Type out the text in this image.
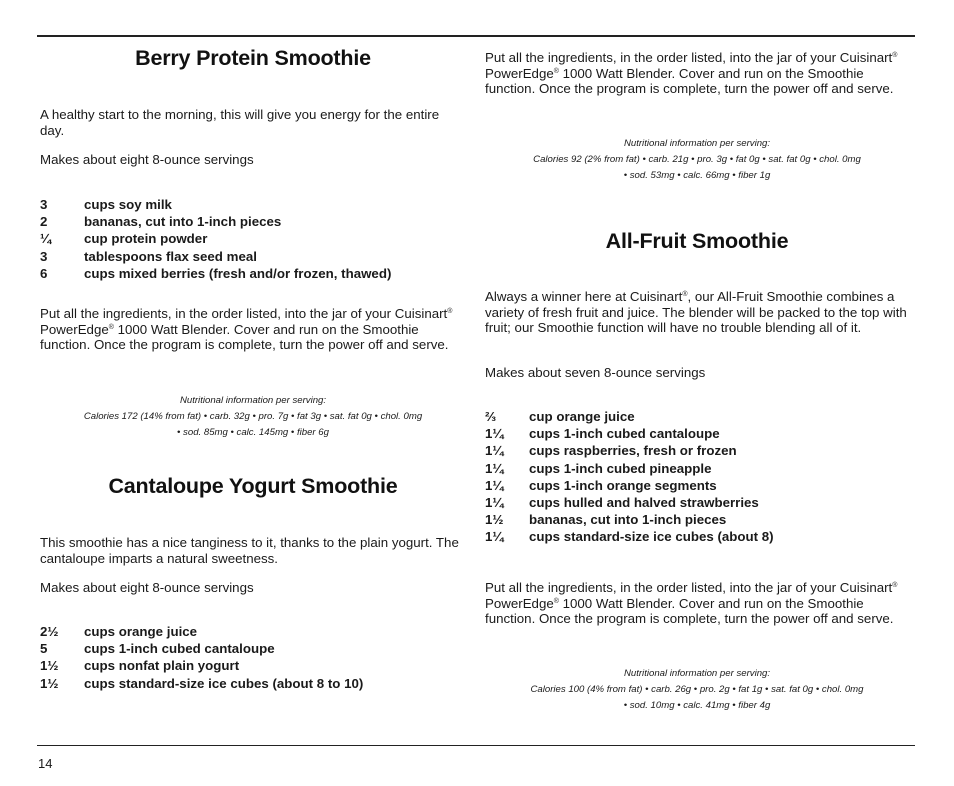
Berry Protein Smoothie

A healthy start to the morning, this will give you energy for the entire day.

Makes about eight 8-ounce servings

3	cups soy milk
2	bananas, cut into 1-inch pieces
¼	cup protein powder
3	tablespoons flax seed meal
6	cups mixed berries (fresh and/or frozen, thawed)

Put all the ingredients, in the order listed, into the jar of your Cuisinart® PowerEdge® 1000 Watt Blender. Cover and run on the Smoothie function. Once the program is complete, turn the power off and serve.

Nutritional information per serving:
Calories 172 (14% from fat) • carb. 32g • pro. 7g • fat 3g • sat. fat 0g • chol. 0mg
• sod. 85mg • calc. 145mg • fiber 6g
Cantaloupe Yogurt Smoothie

This smoothie has a nice tanginess to it, thanks to the plain yogurt. The cantaloupe imparts a natural sweetness.

Makes about eight 8-ounce servings

2½	cups orange juice
5	cups 1-inch cubed cantaloupe
1½	cups nonfat plain yogurt
1½	cups standard-size ice cubes (about 8 to 10)

Put all the ingredients, in the order listed, into the jar of your Cuisinart® PowerEdge® 1000 Watt Blender. Cover and run on the Smoothie function. Once the program is complete, turn the power off and serve.

Nutritional information per serving:
Calories 92 (2% from fat) • carb. 21g • pro. 3g • fat 0g • sat. fat 0g • chol. 0mg
• sod. 53mg • calc. 66mg • fiber 1g
All-Fruit Smoothie

Always a winner here at Cuisinart®, our All-Fruit Smoothie combines a variety of fresh fruit and juice. The blender will be packed to the top with fruit; our Smoothie function will have no trouble blending all of it.

Makes about seven 8-ounce servings

⅔	cup orange juice
1¼	cups 1-inch cubed cantaloupe
1¼	cups raspberries, fresh or frozen
1¼	cups 1-inch cubed pineapple
1¼	cups 1-inch orange segments
1¼	cups hulled and halved strawberries
1½	bananas, cut into 1-inch pieces
1¼	cups standard-size ice cubes (about 8)

Put all the ingredients, in the order listed, into the jar of your Cuisinart® PowerEdge® 1000 Watt Blender. Cover and run on the Smoothie function. Once the program is complete, turn the power off and serve.

Nutritional information per serving:
Calories 100 (4% from fat) • carb. 26g • pro. 2g • fat 1g • sat. fat 0g • chol. 0mg
• sod. 10mg • calc. 41mg • fiber 4g
14
